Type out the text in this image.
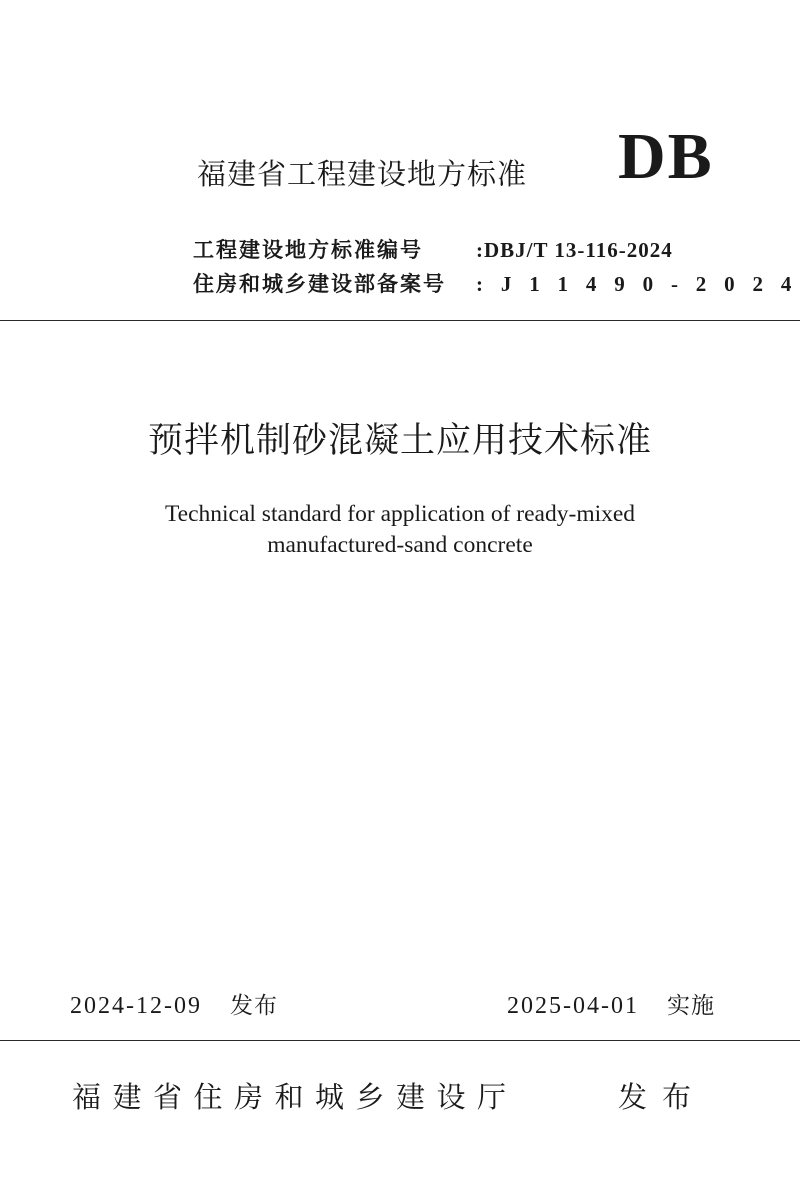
福建省工程建设地方标准 DB
工程建设地方标准编号	:DBJ/T 13-116-2024
住房和城乡建设部备案号	: J 1 1 4 9 0 - 2 0 2 4
预拌机制砂混凝土应用技术标准
Technical standard for application of ready-mixed
manufactured-sand concrete
2024-12-09 发布	2025-04-01 实施
福建省住房和城乡建设厅	发布
